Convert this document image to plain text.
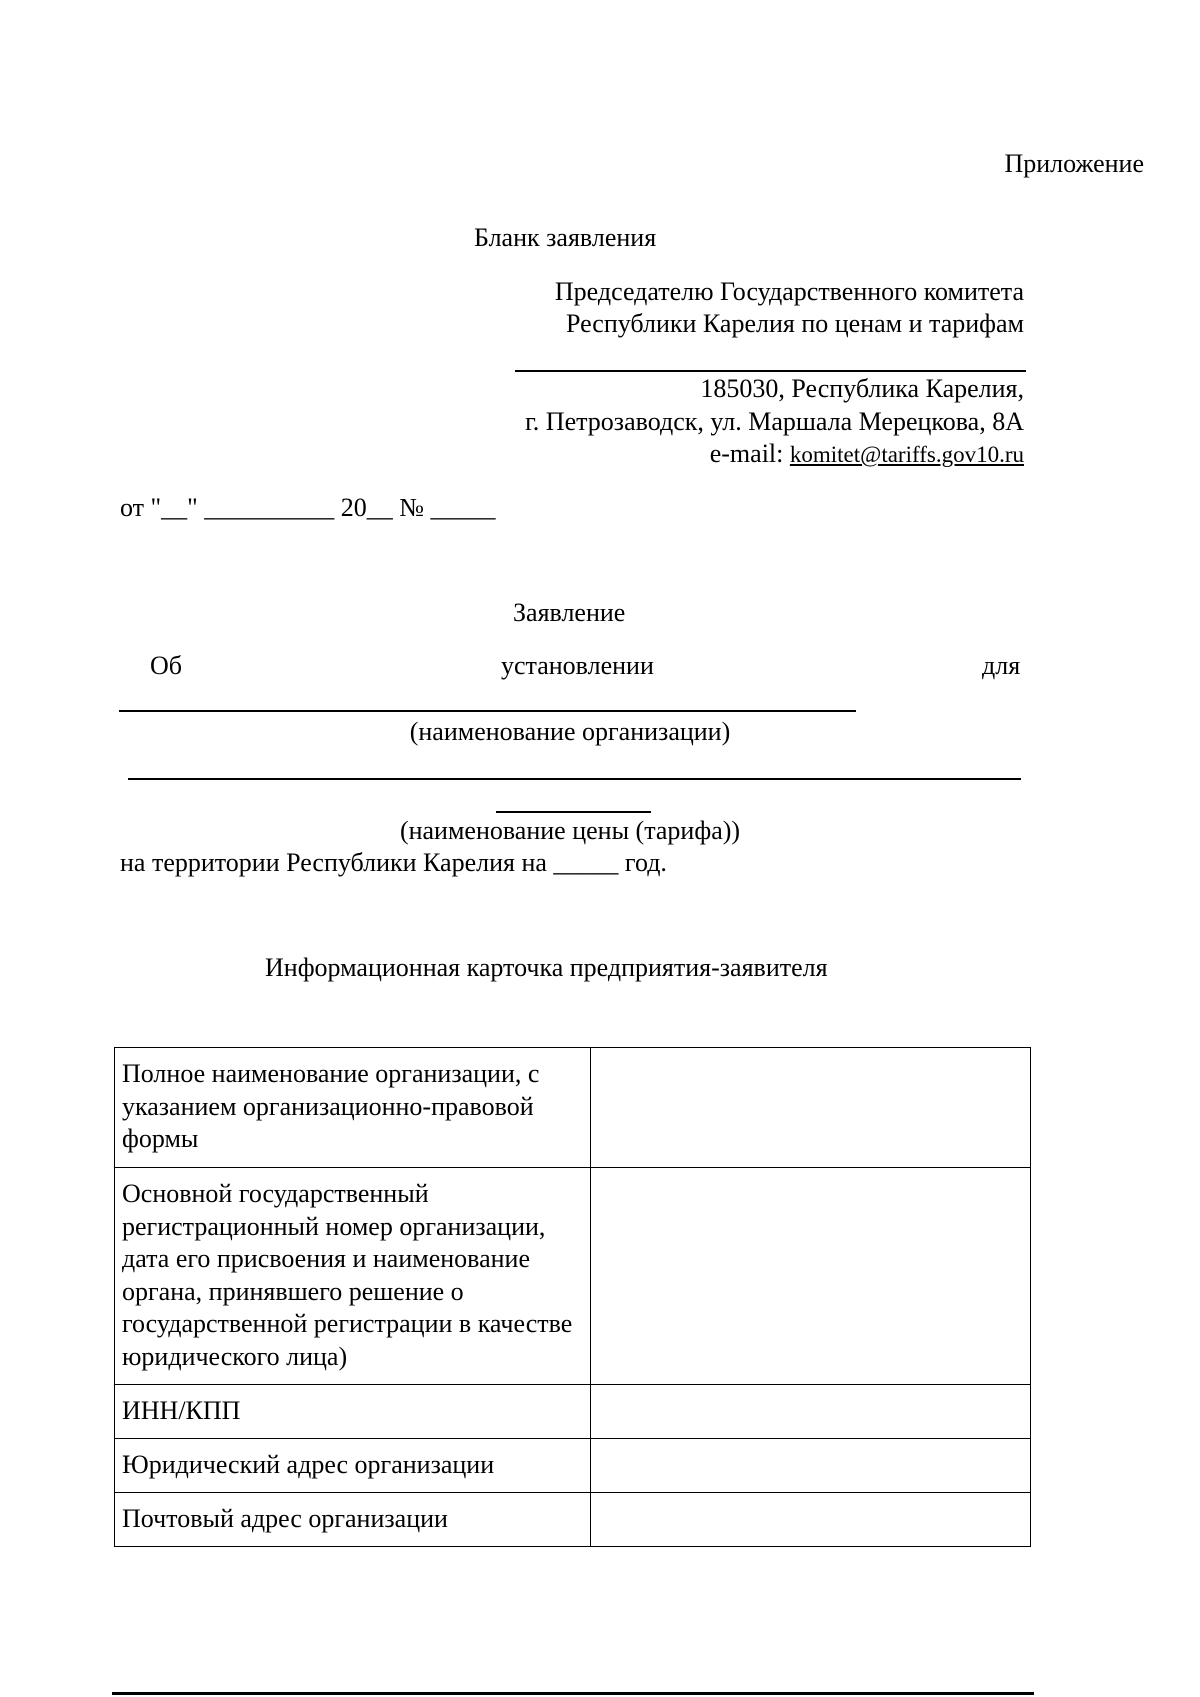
Приложение
Бланк заявления
Председателю Государственного комитета
Республики Карелия по ценам и тарифам
185030, Республика Карелия,
г. Петрозаводск, ул. Маршала Мерецкова, 8А
e-mail: komitet@tariffs.gov10.ru
от "__" __________ 20__ № _____
Заявление
Об	установлении	для
(наименование организации)
(наименование цены (тарифа))
на территории Республики Карелия на _____ год.
Информационная карточка предприятия-заявителя
Полное наименование организации, с указанием организационно-правовой формы	
Основной государственный регистрационный номер организации, дата его присвоения и наименование органа, принявшего решение о государственной регистрации в качестве юридического лица)	
ИНН/КПП	
Юридический адрес организации	
Почтовый адрес организации	
